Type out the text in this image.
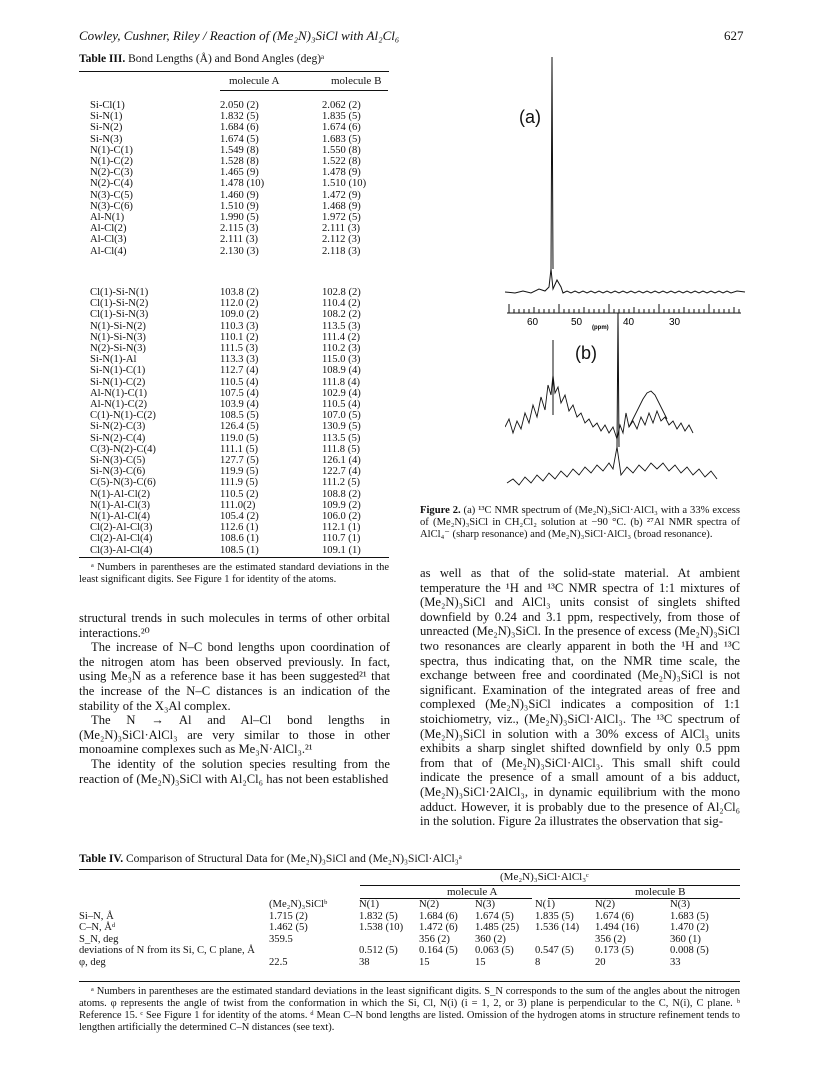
Cowley, Cushner, Riley / Reaction of (Me₂N)₃SiCl with Al₂Cl₆	627
Table III. Bond Lengths (Å) and Bond Angles (deg)ᵃ
molecule A	molecule B
Si-Cl(1)	2.050 (2)	2.062 (2)
Si-N(1)	1.832 (5)	1.835 (5)
Si-N(2)	1.684 (6)	1.674 (6)
Si-N(3)	1.674 (5)	1.683 (5)
N(1)-C(1)	1.549 (8)	1.550 (8)
N(1)-C(2)	1.528 (8)	1.522 (8)
N(2)-C(3)	1.465 (9)	1.478 (9)
N(2)-C(4)	1.478 (10)	1.510 (10)
N(3)-C(5)	1.460 (9)	1.472 (9)
N(3)-C(6)	1.510 (9)	1.468 (9)
Al-N(1)	1.990 (5)	1.972 (5)
Al-Cl(2)	2.115 (3)	2.111 (3)
Al-Cl(3)	2.111 (3)	2.112 (3)
Al-Cl(4)	2.130 (3)	2.118 (3)
Cl(1)-Si-N(1)	103.8 (2)	102.8 (2)
Cl(1)-Si-N(2)	112.0 (2)	110.4 (2)
Cl(1)-Si-N(3)	109.0 (2)	108.2 (2)
N(1)-Si-N(2)	110.3 (3)	113.5 (3)
N(1)-Si-N(3)	110.1 (2)	111.4 (2)
N(2)-Si-N(3)	111.5 (3)	110.2 (3)
Si-N(1)-Al	113.3 (3)	115.0 (3)
Si-N(1)-C(1)	112.7 (4)	108.9 (4)
Si-N(1)-C(2)	110.5 (4)	111.8 (4)
Al-N(1)-C(1)	107.5 (4)	102.9 (4)
Al-N(1)-C(2)	103.9 (4)	110.5 (4)
C(1)-N(1)-C(2)	108.5 (5)	107.0 (5)
Si-N(2)-C(3)	126.4 (5)	130.9 (5)
Si-N(2)-C(4)	119.0 (5)	113.5 (5)
C(3)-N(2)-C(4)	111.1 (5)	111.8 (5)
Si-N(3)-C(5)	127.7 (5)	126.1 (4)
Si-N(3)-C(6)	119.9 (5)	122.7 (4)
C(5)-N(3)-C(6)	111.9 (5)	111.2 (5)
N(1)-Al-Cl(2)	110.5 (2)	108.8 (2)
N(1)-Al-Cl(3)	111.0(2)	109.9 (2)
N(1)-Al-Cl(4)	105.4 (2)	106.0 (2)
Cl(2)-Al-Cl(3)	112.6 (1)	112.1 (1)
Cl(2)-Al-Cl(4)	108.6 (1)	110.7 (1)
Cl(3)-Al-Cl(4)	108.5 (1)	109.1 (1)
ᵃ Numbers in parentheses are the estimated standard deviations in the least significant digits. See Figure 1 for identity of the atoms.

structural trends in such molecules in terms of other orbital interactions.²⁰

The increase of N–C bond lengths upon coordination of the nitrogen atom has been observed previously. In fact, using Me₃N as a reference base it has been suggested²¹ that the increase of the N–C distances is an indication of the stability of the X₃Al complex.

The N → Al and Al–Cl bond lengths in (Me₂N)₃SiCl·AlCl₃ are very similar to those in other monoamine complexes such as Me₃N·AlCl₃.²¹

The identity of the solution species resulting from the reaction of (Me₂N)₃SiCl with Al₂Cl₆ has not been established

60	50	40	30
(ppm)
(a)
(b)
Figure 2. (a) ¹³C NMR spectrum of (Me₂N)₃SiCl·AlCl₃ with a 33% excess of (Me₂N)₃SiCl in CH₂Cl₂ solution at −90 °C. (b) ²⁷Al NMR spectra of AlCl₄⁻ (sharp resonance) and (Me₂N)₃SiCl·AlCl₃ (broad resonance).

as well as that of the solid-state material. At ambient temperature the ¹H and ¹³C NMR spectra of 1:1 mixtures of (Me₂N)₃SiCl and AlCl₃ units consist of singlets shifted downfield by 0.24 and 3.1 ppm, respectively, from those of unreacted (Me₂N)₃SiCl. In the presence of excess (Me₂N)₃SiCl two resonances are clearly apparent in both the ¹H and ¹³C spectra, thus indicating that, on the NMR time scale, the exchange between free and coordinated (Me₂N)₃SiCl is not significant. Examination of the integrated areas of free and complexed (Me₂N)₃SiCl indicates a composition of 1:1 stoichiometry, viz., (Me₂N)₃SiCl·AlCl₃. The ¹³C spectrum of (Me₂N)₃SiCl in solution with a 30% excess of AlCl₃ units exhibits a sharp singlet shifted downfield by only 0.5 ppm from that of (Me₂N)₃SiCl·AlCl₃. This small shift could indicate the presence of a small amount of a bis adduct, (Me₂N)₃SiCl·2AlCl₃, in dynamic equilibrium with the mono adduct. However, it is probably due to the presence of Al₂Cl₆ in the solution. Figure 2a illustrates the observation that sig-

Table IV. Comparison of Structural Data for (Me₂N)₃SiCl and (Me₂N)₃SiCl·AlCl₃ᵃ
(Me₂N)₃SiCl·AlCl₃ᶜ
molecule A	molecule B
	(Me₂N)₃SiClᵇ	N(1)	N(2)	N(3)	N(1)	N(2)	N(3)
Si–N, Å	1.715 (2)	1.832 (5)	1.684 (6)	1.674 (5)	1.835 (5)	1.674 (6)	1.683 (5)
C–N, Åᵈ	1.462 (5)	1.538 (10)	1.472 (6)	1.485 (25)	1.536 (14)	1.494 (16)	1.470 (2)
S_N, deg	359.5		356 (2)	360 (2)		356 (2)	360 (1)
deviations of N from its Si, C, C plane, Å		0.512 (5)	0.164 (5)	0.063 (5)	0.547 (5)	0.173 (5)	0.008 (5)
φ, deg	22.5	38	15	15	8	20	33
ᵃ Numbers in parentheses are the estimated standard deviations in the least significant digits. S_N corresponds to the sum of the angles about the nitrogen atoms. φ represents the angle of twist from the conformation in which the Si, Cl, N(i) (i = 1, 2, or 3) plane is perpendicular to the C, N(i), C plane. ᵇ Reference 15. ᶜ See Figure 1 for identity of the atoms. ᵈ Mean C–N bond lengths are listed. Omission of the hydrogen atoms in structure refinement tends to lengthen artificially the determined C–N distances (see text).
